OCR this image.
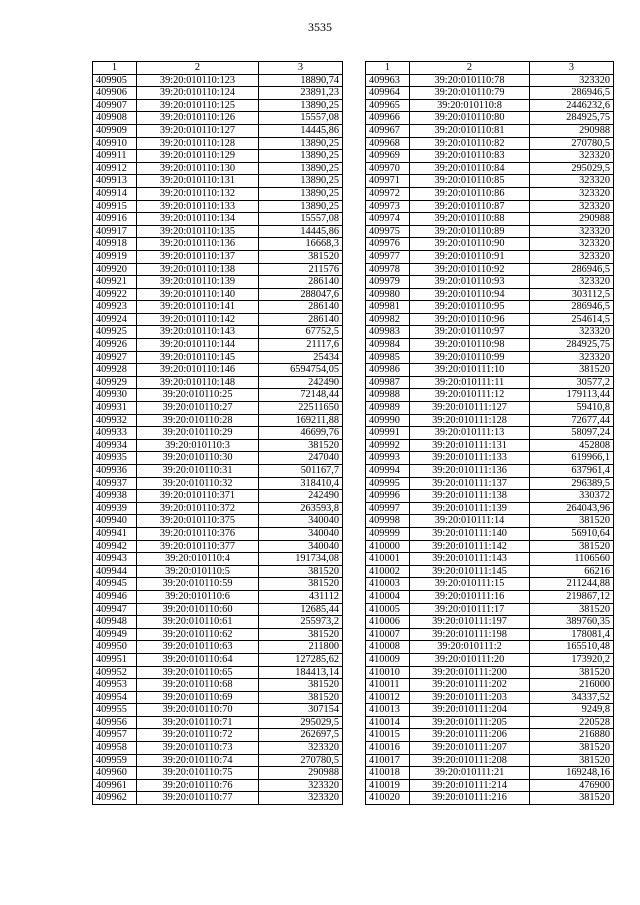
3535
1	2	3
409905	39:20:010110:123	18890,74
409906	39:20:010110:124	23891,23
409907	39:20:010110:125	13890,25
409908	39:20:010110:126	15557,08
409909	39:20:010110:127	14445,86
409910	39:20:010110:128	13890,25
409911	39:20:010110:129	13890,25
409912	39:20:010110:130	13890,25
409913	39:20:010110:131	13890,25
409914	39:20:010110:132	13890,25
409915	39:20:010110:133	13890,25
409916	39:20:010110:134	15557,08
409917	39:20:010110:135	14445,86
409918	39:20:010110:136	16668,3
409919	39:20:010110:137	381520
409920	39:20:010110:138	211576
409921	39:20:010110:139	286140
409922	39:20:010110:140	288047,6
409923	39:20:010110:141	286140
409924	39:20:010110:142	286140
409925	39:20:010110:143	67752,5
409926	39:20:010110:144	21117,6
409927	39:20:010110:145	25434
409928	39:20:010110:146	6594754,05
409929	39:20:010110:148	242490
409930	39:20:010110:25	72148,44
409931	39:20:010110:27	22511650
409932	39:20:010110:28	169211,88
409933	39:20:010110:29	46699,76
409934	39:20:010110:3	381520
409935	39:20:010110:30	247040
409936	39:20:010110:31	501167,7
409937	39:20:010110:32	318410,4
409938	39:20:010110:371	242490
409939	39:20:010110:372	263593,8
409940	39:20:010110:375	340040
409941	39:20:010110:376	340040
409942	39:20:010110:377	340040
409943	39:20:010110:4	191734,08
409944	39:20:010110:5	381520
409945	39:20:010110:59	381520
409946	39:20:010110:6	431112
409947	39:20:010110:60	12685,44
409948	39:20:010110:61	255973,2
409949	39:20:010110:62	381520
409950	39:20:010110:63	211800
409951	39:20:010110:64	127285,62
409952	39:20:010110:65	184413,14
409953	39:20:010110:68	381520
409954	39:20:010110:69	381520
409955	39:20:010110:70	307154
409956	39:20:010110:71	295029,5
409957	39:20:010110:72	262697,5
409958	39:20:010110:73	323320
409959	39:20:010110:74	270780,5
409960	39:20:010110:75	290988
409961	39:20:010110:76	323320
409962	39:20:010110:77	323320
1	2	3
409963	39:20:010110:78	323320
409964	39:20:010110:79	286946,5
409965	39:20:010110:8	2446232,6
409966	39:20:010110:80	284925,75
409967	39:20:010110:81	290988
409968	39:20:010110:82	270780,5
409969	39:20:010110:83	323320
409970	39:20:010110:84	295029,5
409971	39:20:010110:85	323320
409972	39:20:010110:86	323320
409973	39:20:010110:87	323320
409974	39:20:010110:88	290988
409975	39:20:010110:89	323320
409976	39:20:010110:90	323320
409977	39:20:010110:91	323320
409978	39:20:010110:92	286946,5
409979	39:20:010110:93	323320
409980	39:20:010110:94	303112,5
409981	39:20:010110:95	286946,5
409982	39:20:010110:96	254614,5
409983	39:20:010110:97	323320
409984	39:20:010110:98	284925,75
409985	39:20:010110:99	323320
409986	39:20:010111:10	381520
409987	39:20:010111:11	30577,2
409988	39:20:010111:12	179113,44
409989	39:20:010111:127	59410,8
409990	39:20:010111:128	72677,44
409991	39:20:010111:13	58097,24
409992	39:20:010111:131	452808
409993	39:20:010111:133	619966,1
409994	39:20:010111:136	637961,4
409995	39:20:010111:137	296389,5
409996	39:20:010111:138	330372
409997	39:20:010111:139	264043,96
409998	39:20:010111:14	381520
409999	39:20:010111:140	56910,64
410000	39:20:010111:142	381520
410001	39:20:010111:143	1106560
410002	39:20:010111:145	66216
410003	39:20:010111:15	211244,88
410004	39:20:010111:16	219867,12
410005	39:20:010111:17	381520
410006	39:20:010111:197	389760,35
410007	39:20:010111:198	178081,4
410008	39:20:010111:2	165510,48
410009	39:20:010111:20	173920,2
410010	39:20:010111:200	381520
410011	39:20:010111:202	216000
410012	39:20:010111:203	34337,52
410013	39:20:010111:204	9249,8
410014	39:20:010111:205	220528
410015	39:20:010111:206	216880
410016	39:20:010111:207	381520
410017	39:20:010111:208	381520
410018	39:20:010111:21	169248,16
410019	39:20:010111:214	476900
410020	39:20:010111:216	381520
